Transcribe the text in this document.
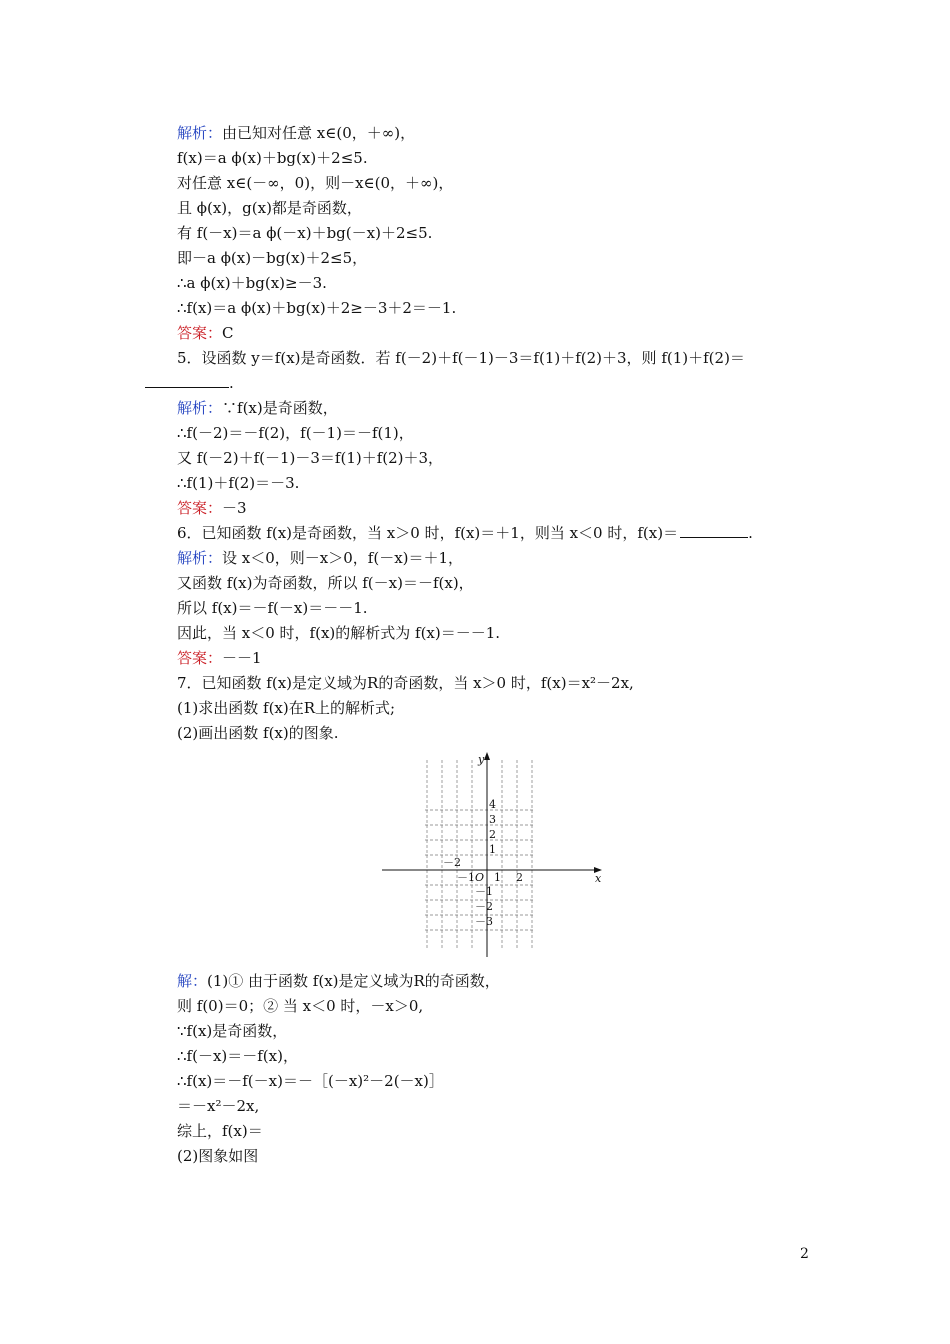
解析：由已知对任意 x∈(0，＋∞)，
f(x)＝a ϕ(x)＋bg(x)＋2≤5.
对任意 x∈(－∞，0)，则－x∈(0，＋∞)，
且 ϕ(x)，g(x)都是奇函数，
有 f(－x)＝a ϕ(－x)＋bg(－x)＋2≤5.
即－a ϕ(x)－bg(x)＋2≤5，
∴a ϕ(x)＋bg(x)≥－3.
∴f(x)＝a ϕ(x)＋bg(x)＋2≥－3＋2＝－1.
答案：C
5．设函数 y＝f(x)是奇函数．若 f(－2)＋f(－1)－3＝f(1)＋f(2)＋3，则 f(1)＋f(2)＝
.
解析：∵f(x)是奇函数，
∴f(－2)＝－f(2)，f(－1)＝－f(1)，
又 f(－2)＋f(－1)－3＝f(1)＋f(2)＋3，
∴f(1)＋f(2)＝－3.
答案：－3
6．已知函数 f(x)是奇函数，当 x＞0 时，f(x)＝＋1，则当 x＜0 时，f(x)＝	.
解析：设 x＜0，则－x＞0，f(－x)＝＋1，
又函数 f(x)为奇函数，所以 f(－x)＝－f(x)，
所以 f(x)＝－f(－x)＝－－1.
因此，当 x＜0 时，f(x)的解析式为 f(x)＝－－1.
答案：－－1
7．已知函数 f(x)是定义域为R的奇函数，当 x＞0 时，f(x)＝x²－2x,
(1)求出函数 f(x)在R上的解析式;
(2)画出函数 f(x)的图象.
x
y
O
－2
－1 1 2
4
3
2
1
－1
－2
－3
解：(1)① 由于函数 f(x)是定义域为R的奇函数，
则 f(0)＝0；② 当 x＜0 时，－x＞0,
∵f(x)是奇函数，
∴f(－x)＝－f(x)，
∴f(x)＝－f(－x)＝－［(－x)²－2(－x)］
＝－x²－2x,
综上，f(x)＝
(2)图象如图
2
